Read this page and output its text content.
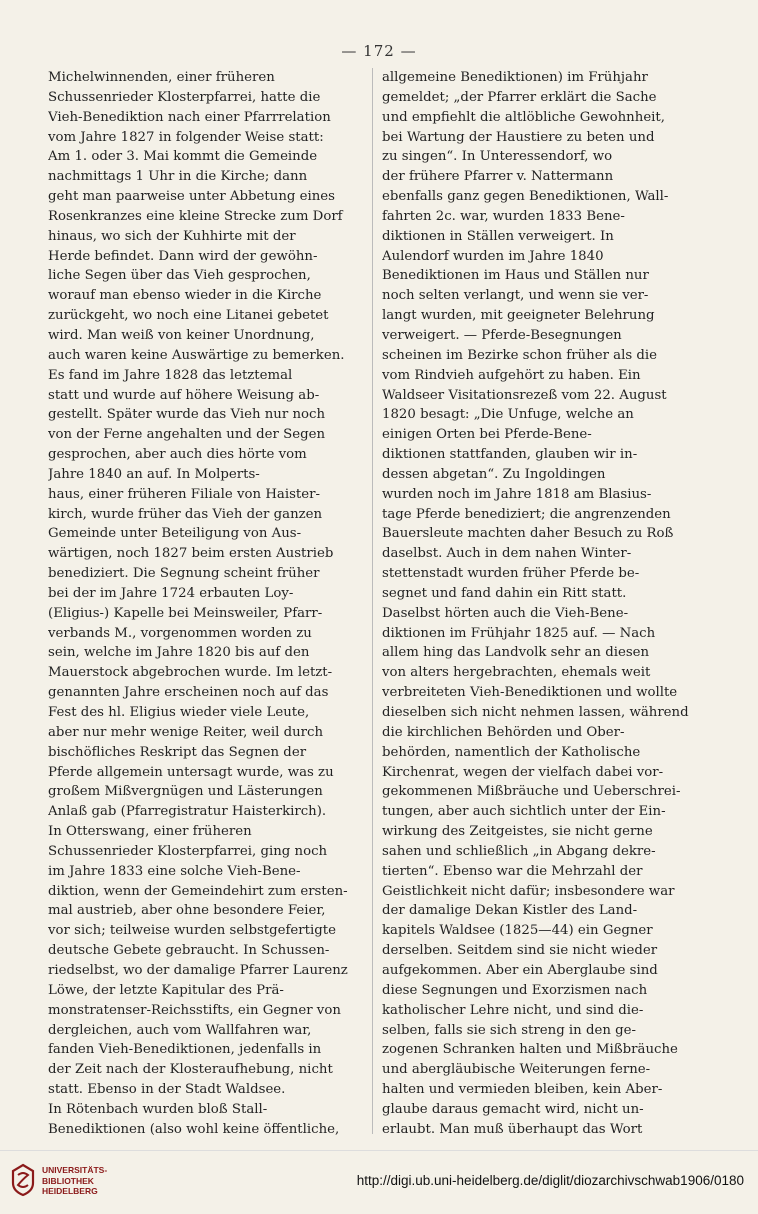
— 172 —
Michelwinnenden, einer früheren
Schussenrieder Klosterpfarrei, hatte die
Vieh-Benediktion nach einer Pfarrrelation
vom Jahre 1827 in folgender Weise statt:
Am 1. oder 3. Mai kommt die Gemeinde
nachmittags 1 Uhr in die Kirche; dann
geht man paarweise unter Abbetung eines
Rosenkranzes eine kleine Strecke zum Dorf
hinaus, wo sich der Kuhhirte mit der
Herde befindet. Dann wird der gewöhn-
liche Segen über das Vieh gesprochen,
worauf man ebenso wieder in die Kirche
zurückgeht, wo noch eine Litanei gebetet
wird. Man weiß von keiner Unordnung,
auch waren keine Auswärtige zu bemerken.
Es fand im Jahre 1828 das letztemal
statt und wurde auf höhere Weisung ab-
gestellt. Später wurde das Vieh nur noch
von der Ferne angehalten und der Segen
gesprochen, aber auch dies hörte vom
Jahre 1840 an auf. In Molperts-
haus, einer früheren Filiale von Haister-
kirch, wurde früher das Vieh der ganzen
Gemeinde unter Beteiligung von Aus-
wärtigen, noch 1827 beim ersten Austrieb
benediziert. Die Segnung scheint früher
bei der im Jahre 1724 erbauten Loy-
(Eligius-) Kapelle bei Meinsweiler, Pfarr-
verbands M., vorgenommen worden zu
sein, welche im Jahre 1820 bis auf den
Mauerstock abgebrochen wurde. Im letzt-
genannten Jahre erscheinen noch auf das
Fest des hl. Eligius wieder viele Leute,
aber nur mehr wenige Reiter, weil durch
bischöfliches Reskript das Segnen der
Pferde allgemein untersagt wurde, was zu
großem Mißvergnügen und Lästerungen
Anlaß gab (Pfarregistratur Haisterkirch).
In Otterswang, einer früheren
Schussenrieder Klosterpfarrei, ging noch
im Jahre 1833 eine solche Vieh-Bene-
diktion, wenn der Gemeindehirt zum ersten-
mal austrieb, aber ohne besondere Feier,
vor sich; teilweise wurden selbstgefertigte
deutsche Gebete gebraucht. In Schussen-
riedselbst, wo der damalige Pfarrer Laurenz
Löwe, der letzte Kapitular des Prä-
monstratenser-Reichsstifts, ein Gegner von
dergleichen, auch vom Wallfahren war,
fanden Vieh-Benediktionen, jedenfalls in
der Zeit nach der Klosteraufhebung, nicht
statt. Ebenso in der Stadt Waldsee.
In Rötenbach wurden bloß Stall-
Benediktionen (also wohl keine öffentliche,
allgemeine Benediktionen) im Frühjahr
gemeldet; „der Pfarrer erklärt die Sache
und empfiehlt die altlöbliche Gewohnheit,
bei Wartung der Haustiere zu beten und
zu singen“. In Unteressendorf, wo
der frühere Pfarrer v. Nattermann
ebenfalls ganz gegen Benediktionen, Wall-
fahrten 2c. war, wurden 1833 Bene-
diktionen in Ställen verweigert. In
Aulendorf wurden im Jahre 1840
Benediktionen im Haus und Ställen nur
noch selten verlangt, und wenn sie ver-
langt wurden, mit geeigneter Belehrung
verweigert. — Pferde-Besegnungen
scheinen im Bezirke schon früher als die
vom Rindvieh aufgehört zu haben. Ein
Waldseer Visitationsrezeß vom 22. August
1820 besagt: „Die Unfuge, welche an
einigen Orten bei Pferde-Bene-
diktionen stattfanden, glauben wir in-
dessen abgetan“. Zu Ingoldingen
wurden noch im Jahre 1818 am Blasius-
tage Pferde benediziert; die angrenzenden
Bauersleute machten daher Besuch zu Roß
daselbst. Auch in dem nahen Winter-
stettenstadt wurden früher Pferde be-
segnet und fand dahin ein Ritt statt.
Daselbst hörten auch die Vieh-Bene-
diktionen im Frühjahr 1825 auf. — Nach
allem hing das Landvolk sehr an diesen
von alters hergebrachten, ehemals weit
verbreiteten Vieh-Benediktionen und wollte
dieselben sich nicht nehmen lassen, während
die kirchlichen Behörden und Ober-
behörden, namentlich der Katholische
Kirchenrat, wegen der vielfach dabei vor-
gekommenen Mißbräuche und Ueberschrei-
tungen, aber auch sichtlich unter der Ein-
wirkung des Zeitgeistes, sie nicht gerne
sahen und schließlich „in Abgang dekre-
tierten“. Ebenso war die Mehrzahl der
Geistlichkeit nicht dafür; insbesondere war
der damalige Dekan Kistler des Land-
kapitels Waldsee (1825—44) ein Gegner
derselben. Seitdem sind sie nicht wieder
aufgekommen. Aber ein Aberglaube sind
diese Segnungen und Exorzismen nach
katholischer Lehre nicht, und sind die-
selben, falls sie sich streng in den ge-
zogenen Schranken halten und Mißbräuche
und abergläubische Weiterungen ferne-
halten und vermieden bleiben, kein Aber-
glaube daraus gemacht wird, nicht un-
erlaubt. Man muß überhaupt das Wort
UNIVERSITÄTS-
BIBLIOTHEK
HEIDELBERG
http://digi.ub.uni-heidelberg.de/diglit/diozarchivschwab1906/0180
